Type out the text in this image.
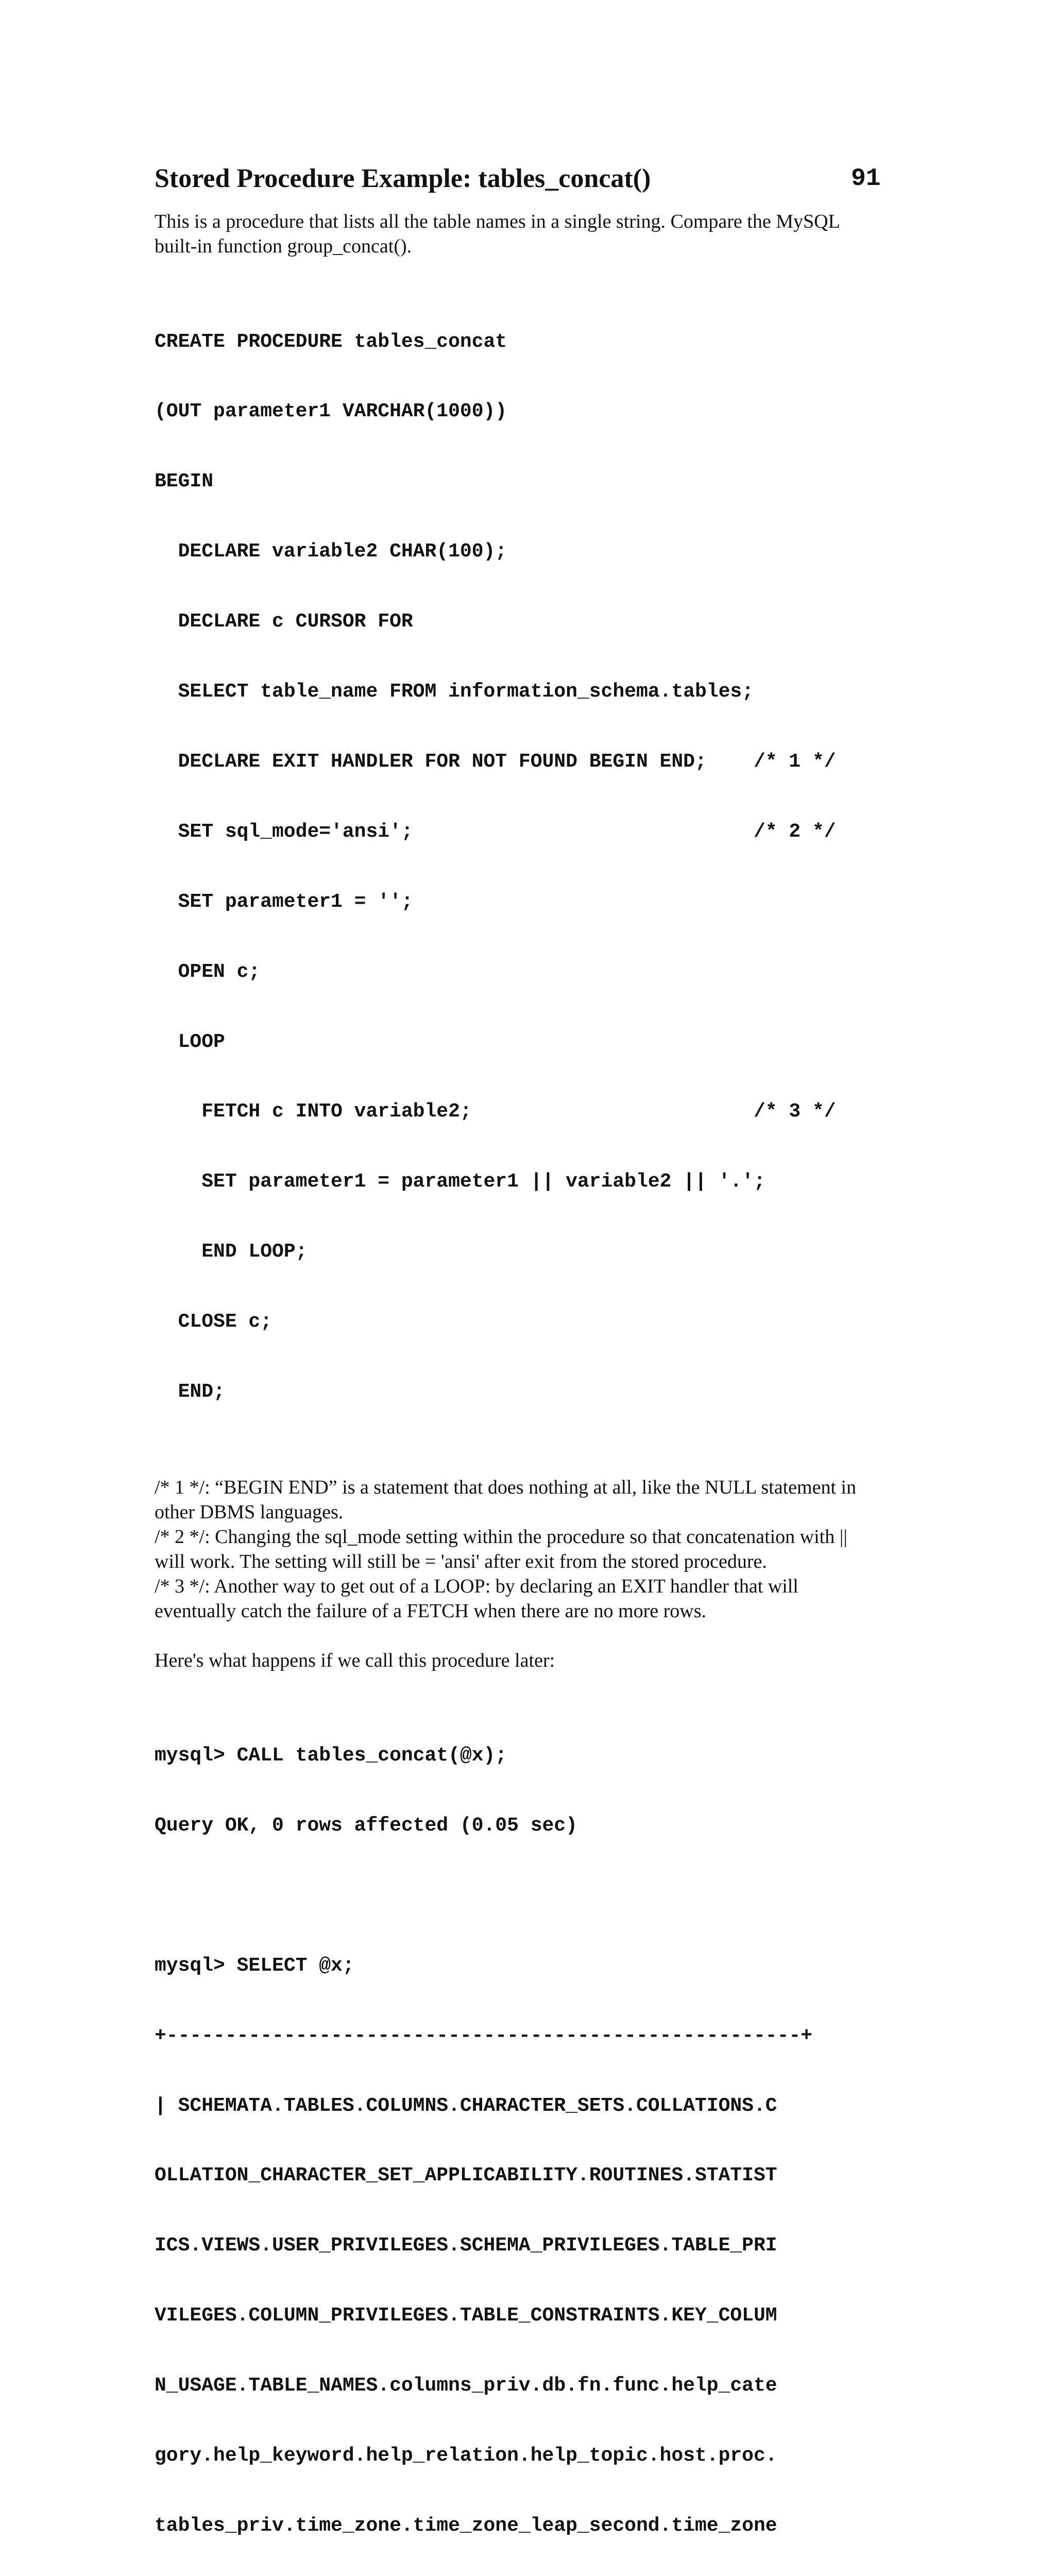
Stored Procedure Example: tables_concat()	91
This is a procedure that lists all the table names in a single string. Compare the MySQL
built-in function group_concat().

CREATE PROCEDURE tables_concat

(OUT parameter1 VARCHAR(1000))

BEGIN

DECLARE variable2 CHAR(100);

DECLARE c CURSOR FOR

SELECT table_name FROM information_schema.tables;

DECLARE EXIT HANDLER FOR NOT FOUND BEGIN END;    /* 1 */

SET sql_mode='ansi';                             /* 2 */

SET parameter1 = '';

OPEN c;

LOOP

FETCH c INTO variable2;                        /* 3 */

SET parameter1 = parameter1 || variable2 || '.';

END LOOP;

CLOSE c;

END;

/* 1 */: “BEGIN END” is a statement that does nothing at all, like the NULL statement in
other DBMS languages.
/* 2 */: Changing the sql_mode setting within the procedure so that concatenation with ||
will work. The setting will still be = 'ansi' after exit from the stored procedure.
/* 3 */: Another way to get out of a LOOP: by declaring an EXIT handler that will
eventually catch the failure of a FETCH when there are no more rows.
Here's what happens if we call this procedure later:

mysql> CALL tables_concat(@x);

Query OK, 0 rows affected (0.05 sec)

mysql> SELECT @x;

+------------------------------------------------------+

| SCHEMATA.TABLES.COLUMNS.CHARACTER_SETS.COLLATIONS.C

OLLATION_CHARACTER_SET_APPLICABILITY.ROUTINES.STATIST

ICS.VIEWS.USER_PRIVILEGES.SCHEMA_PRIVILEGES.TABLE_PRI

VILEGES.COLUMN_PRIVILEGES.TABLE_CONSTRAINTS.KEY_COLUM

N_USAGE.TABLE_NAMES.columns_priv.db.fn.func.help_cate

gory.help_keyword.help_relation.help_topic.host.proc.

tables_priv.time_zone.time_zone_leap_second.time_zone
